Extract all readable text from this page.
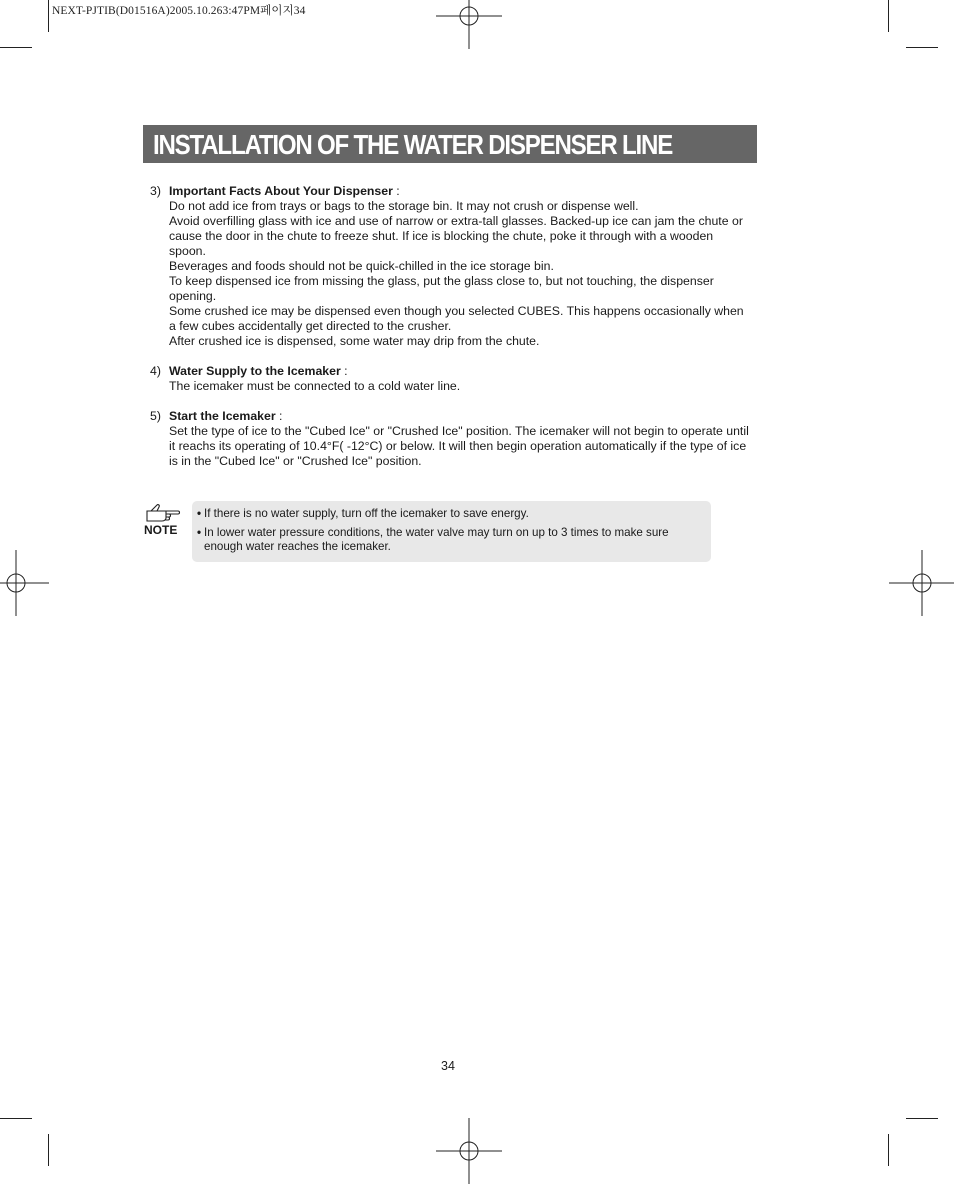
NEXT-PJTIB(D01516A)2005.10.263:47PM페이지34
INSTALLATION OF THE WATER DISPENSER LINE
3) Important Facts About Your Dispenser :
Do not add ice from trays or bags to the storage bin. It may not crush or dispense well.
Avoid overfilling glass with ice and use of narrow or extra-tall glasses. Backed-up ice can jam the chute or cause the door in the chute to freeze shut. If ice is blocking the chute, poke it through with a wooden spoon.
Beverages and foods should not be quick-chilled in the ice storage bin.
To keep dispensed ice from missing the glass, put the glass close to, but not touching, the dispenser opening.
Some crushed ice may be dispensed even though you selected CUBES. This happens occasionally when a few cubes accidentally get directed to the crusher.
After crushed ice is dispensed, some water may drip from the chute.
4) Water Supply to the Icemaker :
The icemaker must be connected to a cold water line.
5) Start the Icemaker :
Set the type of ice to the "Cubed Ice" or "Crushed Ice" position. The icemaker will not begin to operate until it reachs its operating of 10.4°F( -12°C) or below. It will then begin operation automatically if the type of ice is in the "Cubed Ice" or "Crushed Ice" position.
NOTE
• If there is no water supply, turn off the icemaker to save energy.
• In lower water pressure conditions, the water valve may turn on up to 3 times to make sure enough water reaches the icemaker.
34
